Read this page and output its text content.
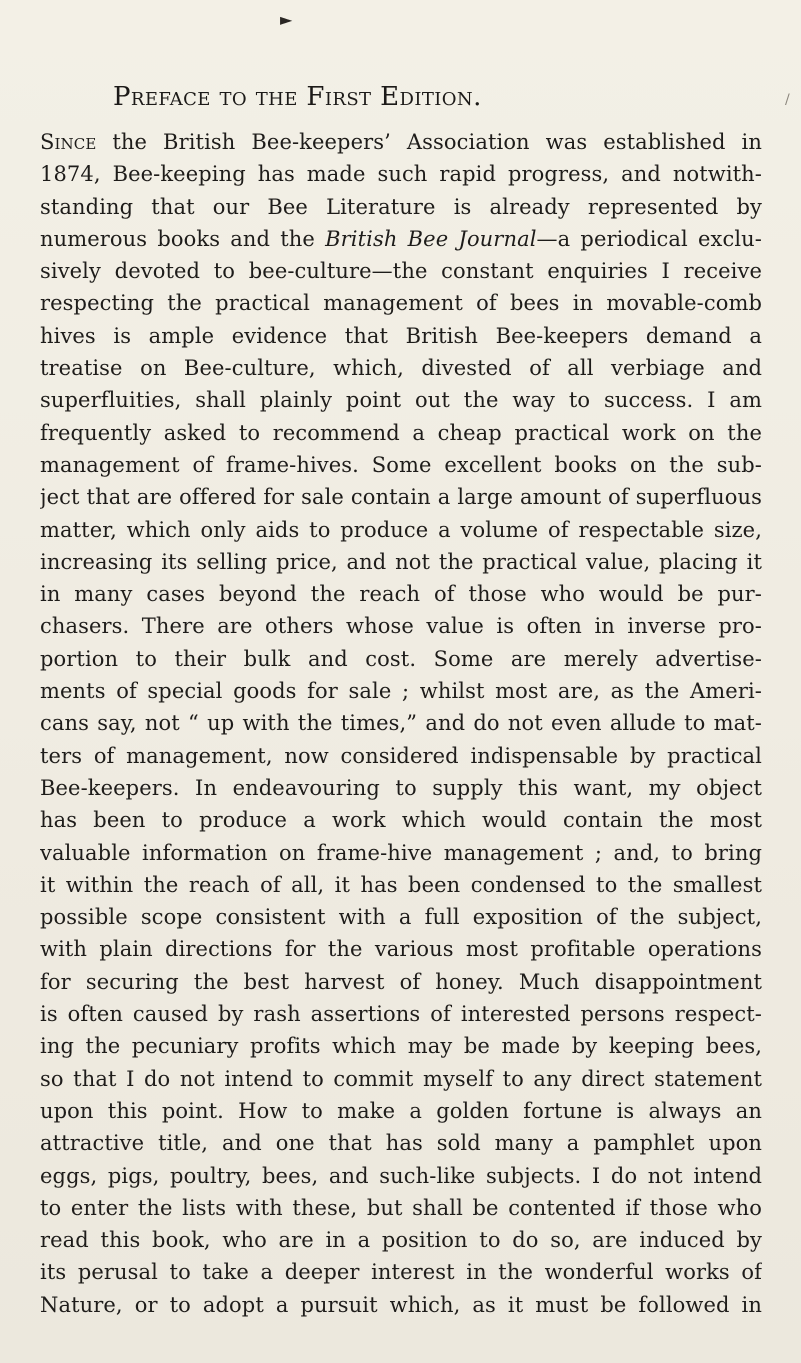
►
Preface to the First Edition.	/
Since the British Bee-keepers’ Association was established in
1874, Bee-keeping has made such rapid progress, and notwith-
standing that our Bee Literature is already represented by
numerous books and the British Bee Journal—a periodical exclu-
sively devoted to bee-culture—the constant enquiries I receive
respecting the practical management of bees in movable-comb
hives is ample evidence that British Bee-keepers demand a
treatise on Bee-culture, which, divested of all verbiage and
superfluities, shall plainly point out the way to success. I am
frequently asked to recommend a cheap practical work on the
management of frame-hives. Some excellent books on the sub-
ject that are offered for sale contain a large amount of superfluous
matter, which only aids to produce a volume of respectable size,
increasing its selling price, and not the practical value, placing it
in many cases beyond the reach of those who would be pur-
chasers. There are others whose value is often in inverse pro-
portion to their bulk and cost. Some are merely advertise-
ments of special goods for sale ; whilst most are, as the Ameri-
cans say, not “ up with the times,” and do not even allude to mat-
ters of management, now considered indispensable by practical
Bee-keepers. In endeavouring to supply this want, my object
has been to produce a work which would contain the most
valuable information on frame-hive management ; and, to bring
it within the reach of all, it has been condensed to the smallest
possible scope consistent with a full exposition of the subject,
with plain directions for the various most profitable operations
for securing the best harvest of honey. Much disappointment
is often caused by rash assertions of interested persons respect-
ing the pecuniary profits which may be made by keeping bees,
so that I do not intend to commit myself to any direct statement
upon this point. How to make a golden fortune is always an
attractive title, and one that has sold many a pamphlet upon
eggs, pigs, poultry, bees, and such-like subjects. I do not intend
to enter the lists with these, but shall be contented if those who
read this book, who are in a position to do so, are induced by
its perusal to take a deeper interest in the wonderful works of
Nature, or to adopt a pursuit which, as it must be followed in
